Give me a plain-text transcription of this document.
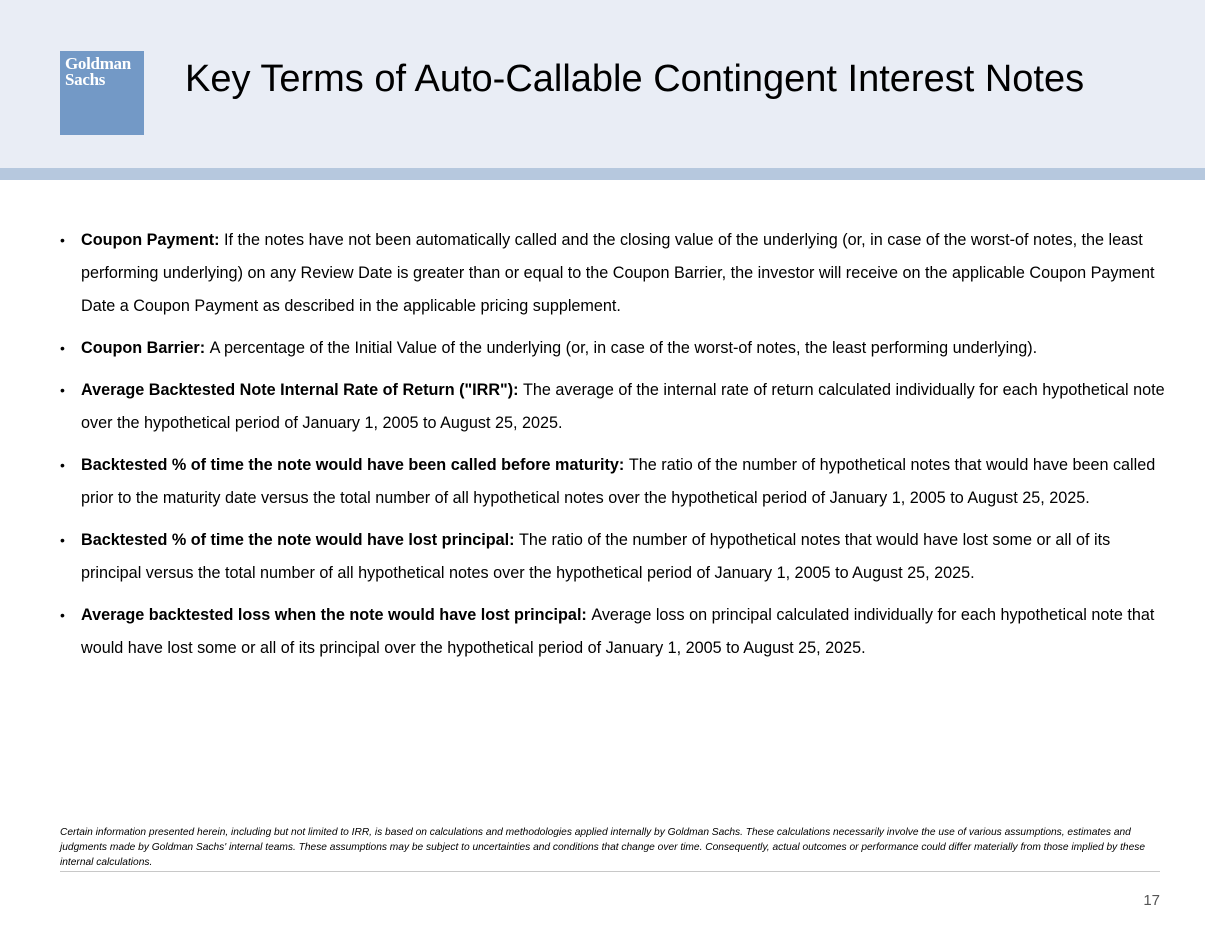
Goldman
Sachs	Key Terms of Auto-Callable Contingent Interest Notes
• Coupon Payment: If the notes have not been automatically called and the closing value of the underlying (or, in case of the worst-of notes, the least performing underlying) on any Review Date is greater than or equal to the Coupon Barrier, the investor will receive on the applicable Coupon Payment Date a Coupon Payment as described in the applicable pricing supplement.
• Coupon Barrier: A percentage of the Initial Value of the underlying (or, in case of the worst-of notes, the least performing underlying).
• Average Backtested Note Internal Rate of Return ("IRR"): The average of the internal rate of return calculated individually for each hypothetical note over the hypothetical period of January 1, 2005 to August 25, 2025.
• Backtested % of time the note would have been called before maturity: The ratio of the number of hypothetical notes that would have been called prior to the maturity date versus the total number of all hypothetical notes over the hypothetical period of January 1, 2005 to August 25, 2025.
• Backtested % of time the note would have lost principal: The ratio of the number of hypothetical notes that would have lost some or all of its principal versus the total number of all hypothetical notes over the hypothetical period of January 1, 2005 to August 25, 2025.
• Average backtested loss when the note would have lost principal: Average loss on principal calculated individually for each hypothetical note that would have lost some or all of its principal over the hypothetical period of January 1, 2005 to August 25, 2025.

Certain information presented herein, including but not limited to IRR, is based on calculations and methodologies applied internally by Goldman Sachs. These calculations necessarily involve the use of various assumptions, estimates and judgments made by Goldman Sachs' internal teams. These assumptions may be subject to uncertainties and conditions that change over time. Consequently, actual outcomes or performance could differ materially from those implied by these internal calculations.

17
